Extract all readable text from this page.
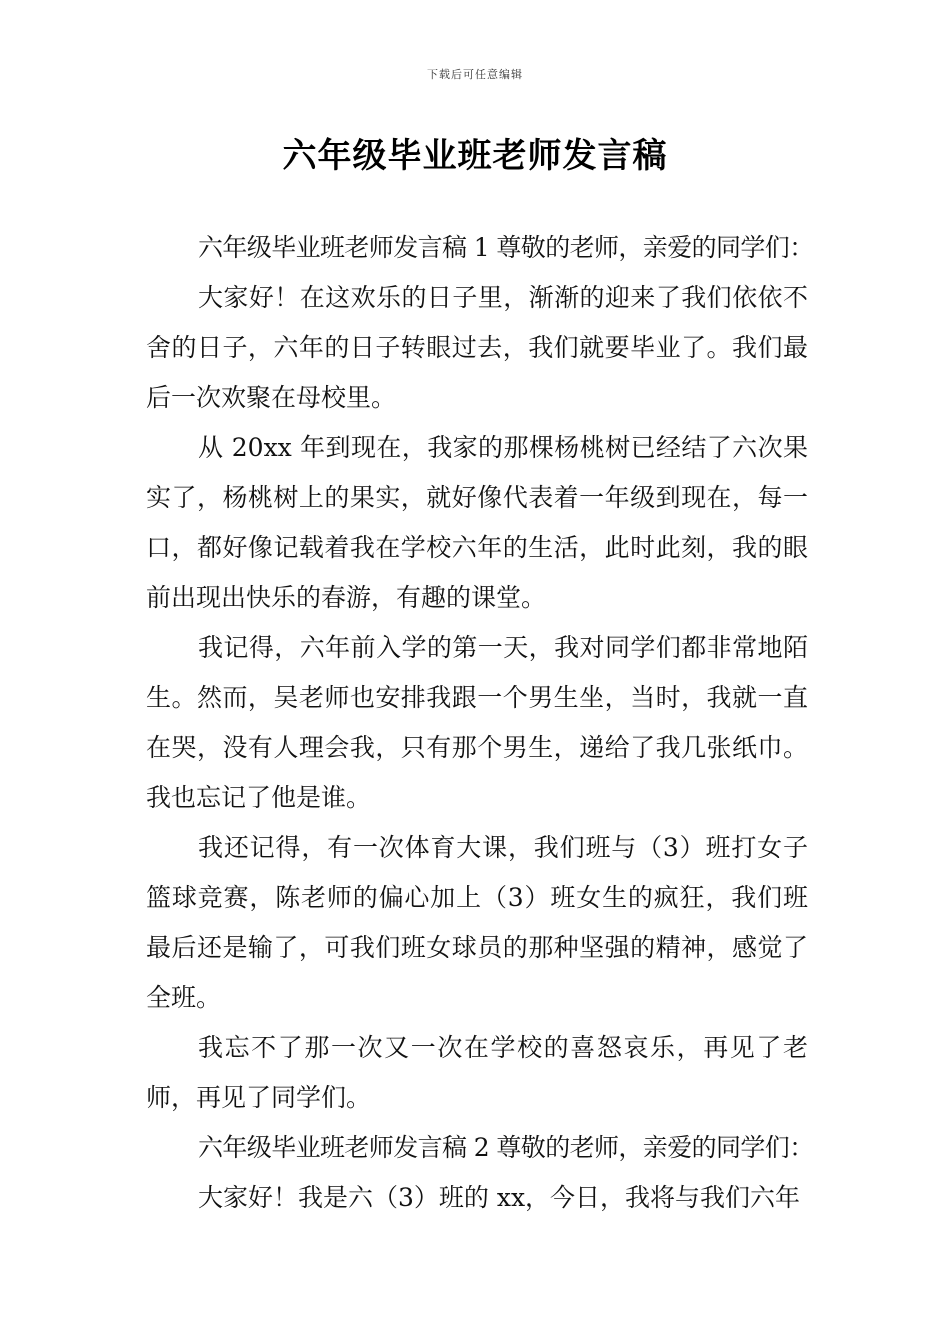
下载后可任意编辑
六年级毕业班老师发言稿

六年级毕业班老师发言稿 1 尊敬的老师，亲爱的同学们：

大家好！在这欢乐的日子里，渐渐的迎来了我们依依不舍的日子，六年的日子转眼过去，我们就要毕业了。我们最后一次欢聚在母校里。

从 20xx 年到现在，我家的那棵杨桃树已经结了六次果实了，杨桃树上的果实，就好像代表着一年级到现在，每一口，都好像记载着我在学校六年的生活，此时此刻，我的眼前出现出快乐的春游，有趣的课堂。

我记得，六年前入学的第一天，我对同学们都非常地陌生。然而，吴老师也安排我跟一个男生坐，当时，我就一直在哭，没有人理会我，只有那个男生，递给了我几张纸巾。我也忘记了他是谁。

我还记得，有一次体育大课，我们班与（3）班打女子篮球竞赛，陈老师的偏心加上（3）班女生的疯狂，我们班最后还是输了，可我们班女球员的那种坚强的精神，感觉了全班。

我忘不了那一次又一次在学校的喜怒哀乐，再见了老师，再见了同学们。

六年级毕业班老师发言稿 2 尊敬的老师，亲爱的同学们：

大家好！我是六（3）班的 xx，今日，我将与我们六年
